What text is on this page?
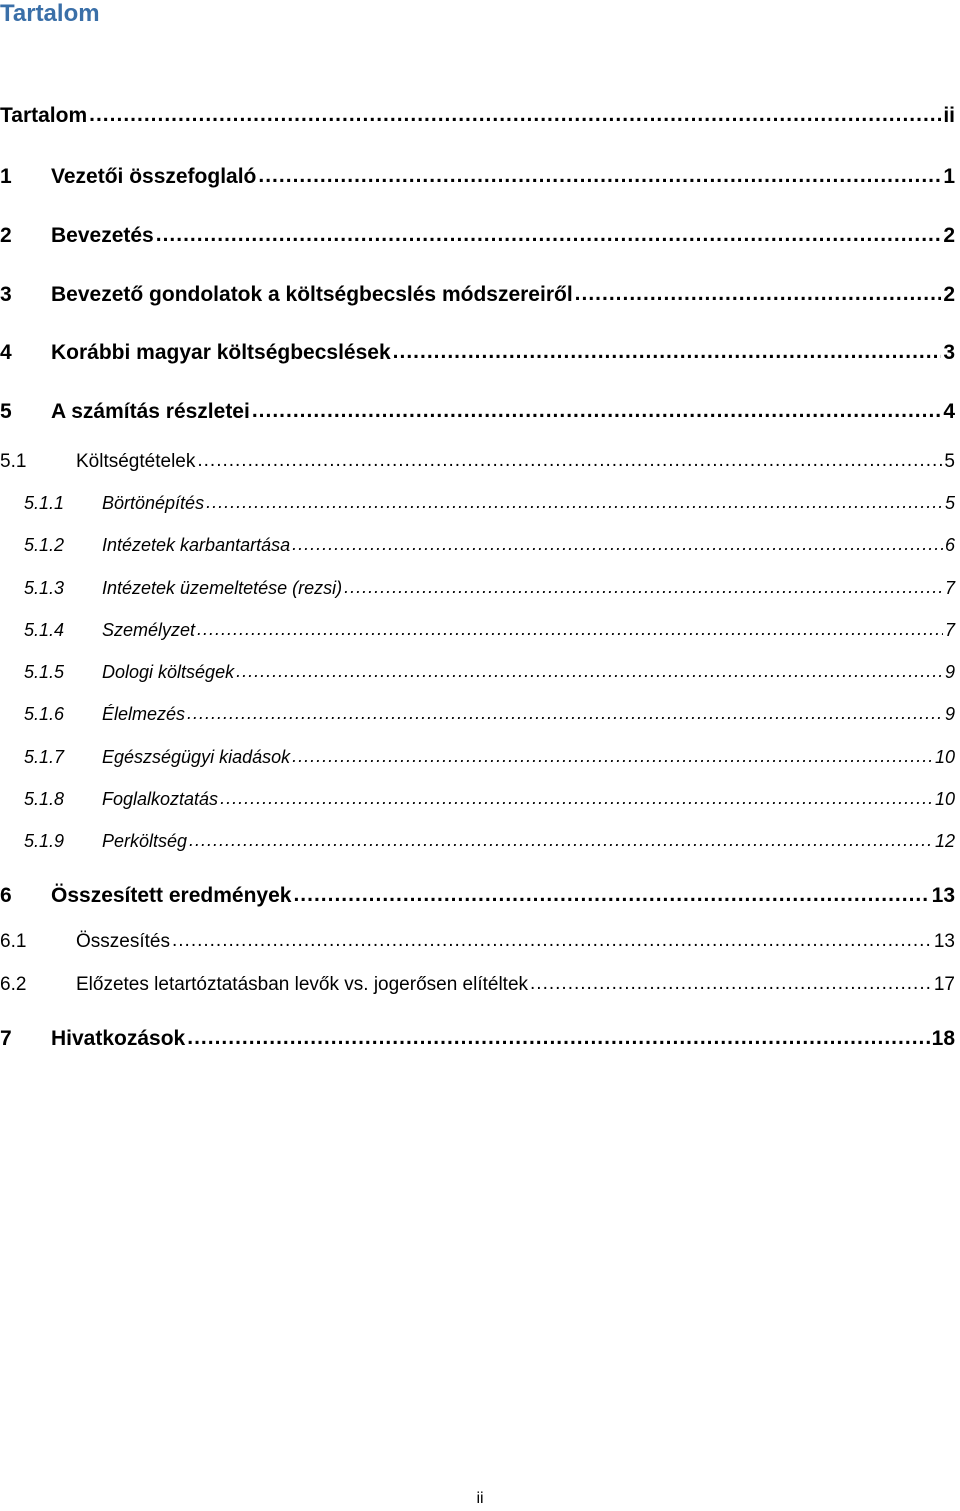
Tartalom
Tartalom .....	ii
1	Vezetői összefoglaló .....	1
2	Bevezetés .....	2
3	Bevezető gondolatok a költségbecslés módszereiről .....	2
4	Korábbi magyar költségbecslések .....	3
5	A számítás részletei .....	4
5.1	Költségtételek .....	5
5.1.1	Börtönépítés .....	5
5.1.2	Intézetek karbantartása .....	6
5.1.3	Intézetek üzemeltetése (rezsi) .....	7
5.1.4	Személyzet .....	7
5.1.5	Dologi költségek .....	9
5.1.6	Élelmezés .....	9
5.1.7	Egészségügyi kiadások .....	10
5.1.8	Foglalkoztatás .....	10
5.1.9	Perköltség .....	12
6	Összesített eredmények .....	13
6.1	Összesítés .....	13
6.2	Előzetes letartóztatásban levők vs. jogerősen elítéltek .....	17
7	Hivatkozások .....	18
ii
